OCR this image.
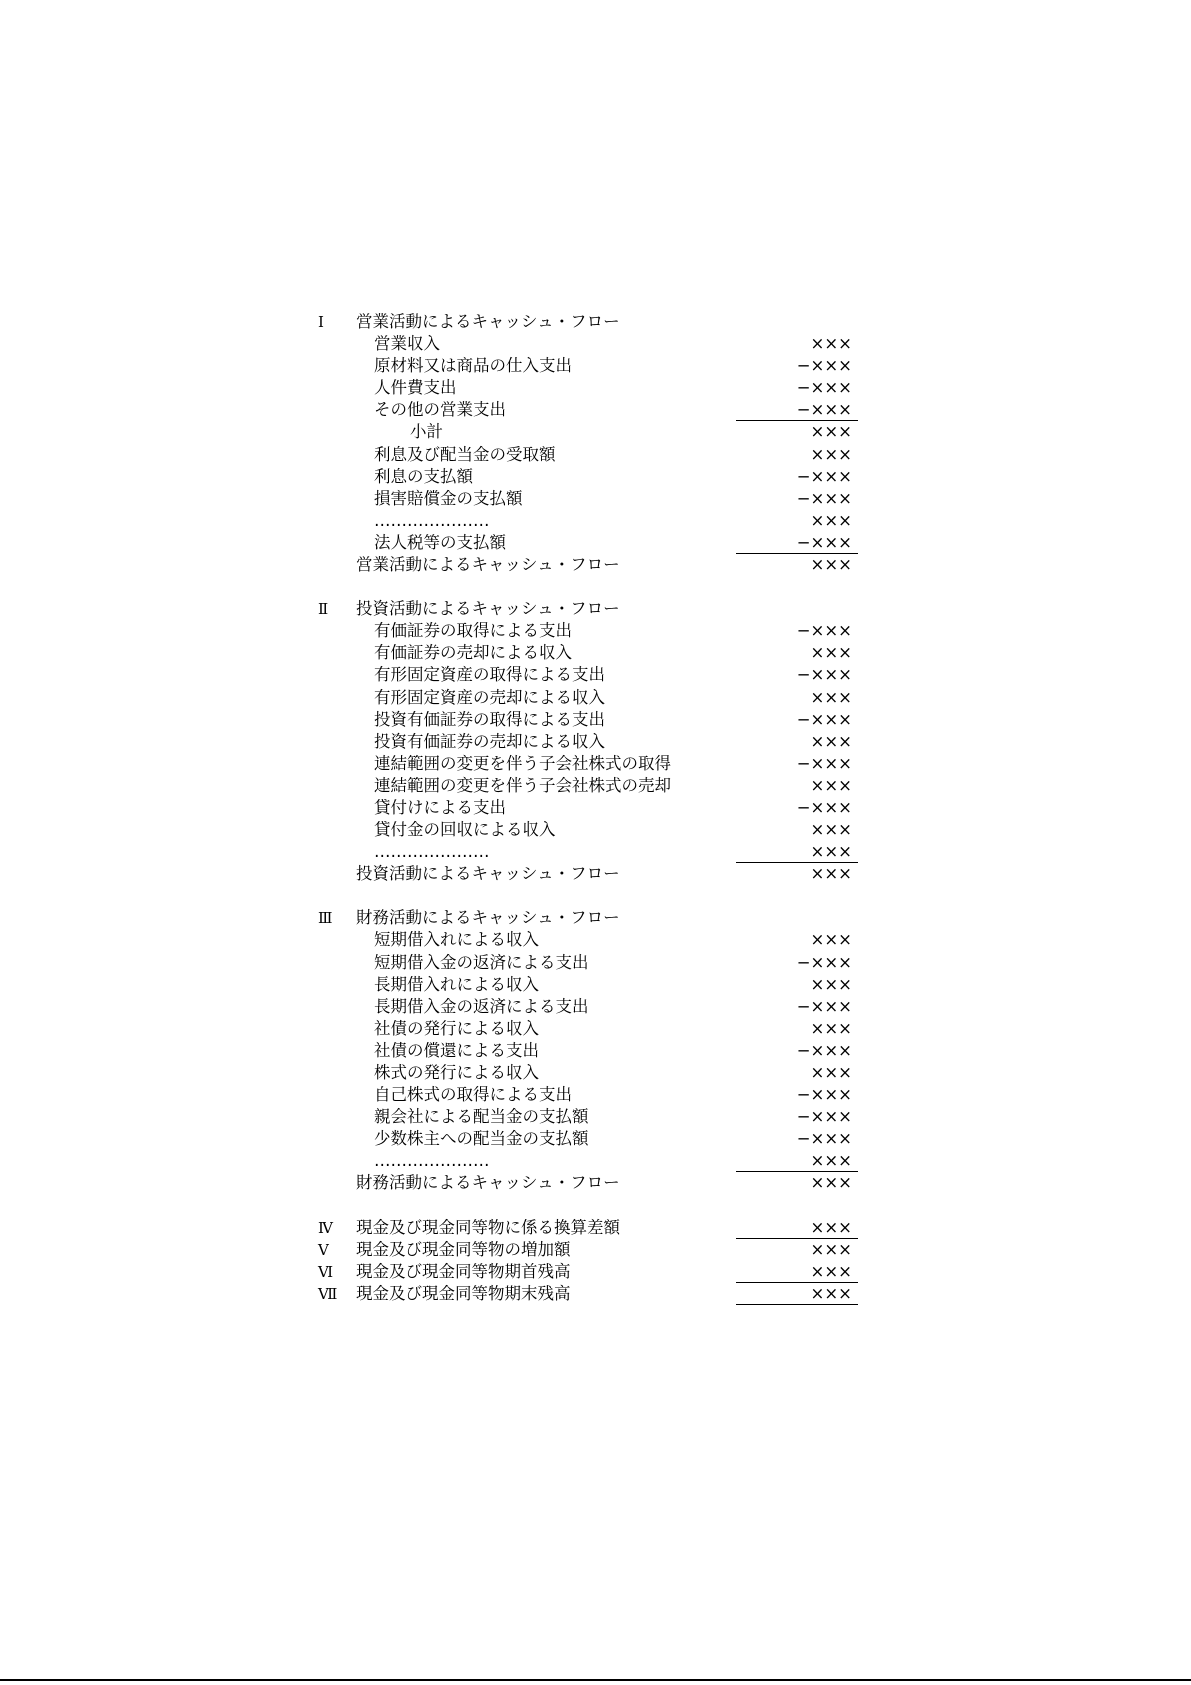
Ⅰ	営業活動によるキャッシュ・フロー
営業収入	×××
原材料又は商品の仕入支出	−×××
人件費支出	−×××
その他の営業支出	−×××
小計	×××
利息及び配当金の受取額	×××
利息の支払額	−×××
損害賠償金の支払額	−×××
…………………	×××
法人税等の支払額	−×××
営業活動によるキャッシュ・フロー	×××
Ⅱ	投資活動によるキャッシュ・フロー
有価証券の取得による支出	−×××
有価証券の売却による収入	×××
有形固定資産の取得による支出	−×××
有形固定資産の売却による収入	×××
投資有価証券の取得による支出	−×××
投資有価証券の売却による収入	×××
連結範囲の変更を伴う子会社株式の取得	−×××
連結範囲の変更を伴う子会社株式の売却	×××
貸付けによる支出	−×××
貸付金の回収による収入	×××
…………………	×××
投資活動によるキャッシュ・フロー	×××
Ⅲ	財務活動によるキャッシュ・フロー
短期借入れによる収入	×××
短期借入金の返済による支出	−×××
長期借入れによる収入	×××
長期借入金の返済による支出	−×××
社債の発行による収入	×××
社債の償還による支出	−×××
株式の発行による収入	×××
自己株式の取得による支出	−×××
親会社による配当金の支払額	−×××
少数株主への配当金の支払額	−×××
…………………	×××
財務活動によるキャッシュ・フロー	×××
Ⅳ	現金及び現金同等物に係る換算差額	×××
Ⅴ	現金及び現金同等物の増加額	×××
Ⅵ	現金及び現金同等物期首残高	×××
Ⅶ	現金及び現金同等物期末残高	×××
